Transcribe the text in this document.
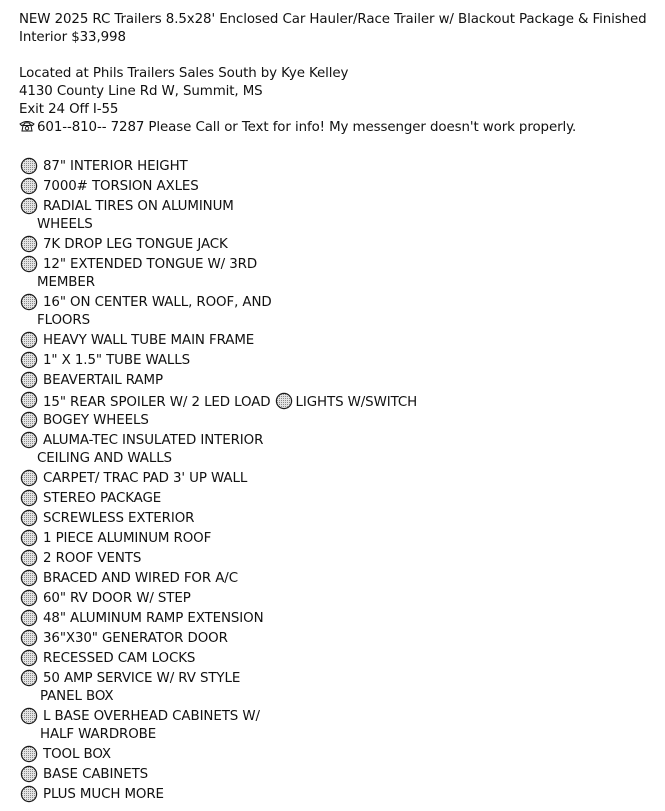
NEW 2025 RC Trailers 8.5x28' Enclosed Car Hauler/Race Trailer w/ Blackout Package & Finished
Interior $33,998
Located at Phils Trailers Sales South by Kye Kelley
4130 County Line Rd W, Summit, MS
Exit 24 Off I-55
601--810-- 7287 Please Call or Text for info! My messenger doesn't work properly.
87" INTERIOR HEIGHT
7000# TORSION AXLES
RADIAL TIRES ON ALUMINUM
WHEELS
7K DROP LEG TONGUE JACK
12" EXTENDED TONGUE W/ 3RD
MEMBER
16" ON CENTER WALL, ROOF, AND
FLOORS
HEAVY WALL TUBE MAIN FRAME
1" X 1.5" TUBE WALLS
BEAVERTAIL RAMP
15" REAR SPOILER W/ 2 LED LOAD LIGHTS W/SWITCH
BOGEY WHEELS
ALUMA-TEC INSULATED INTERIOR
CEILING AND WALLS
CARPET/ TRAC PAD 3' UP WALL
STEREO PACKAGE
SCREWLESS EXTERIOR
1 PIECE ALUMINUM ROOF
2 ROOF VENTS
BRACED AND WIRED FOR A/C
60" RV DOOR W/ STEP
48" ALUMINUM RAMP EXTENSION
36"X30" GENERATOR DOOR
RECESSED CAM LOCKS
50 AMP SERVICE W/ RV STYLE
PANEL BOX
L BASE OVERHEAD CABINETS W/
HALF WARDROBE
TOOL BOX
BASE CABINETS
PLUS MUCH MORE
